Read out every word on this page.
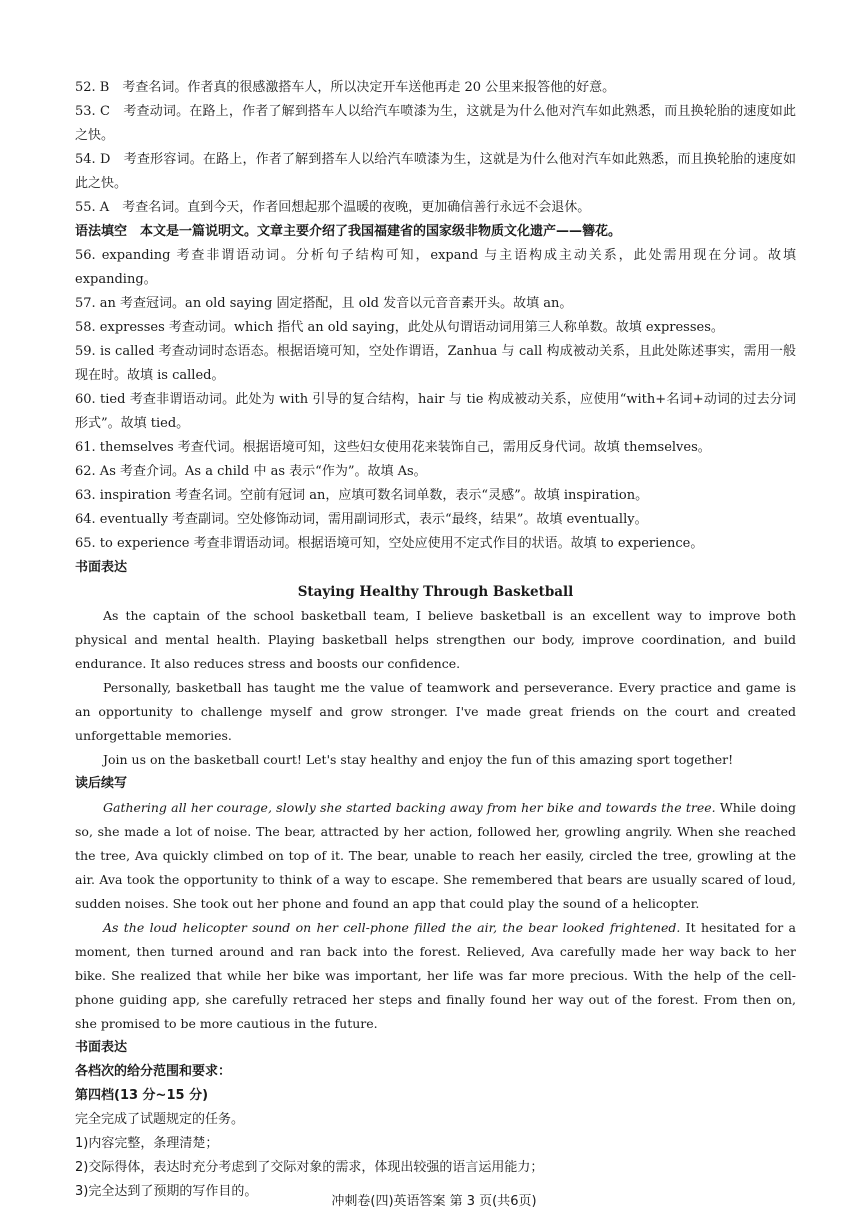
52. B　考查名词。作者真的很感激搭车人，所以决定开车送他再走 20 公里来报答他的好意。
53. C　考查动词。在路上，作者了解到搭车人以给汽车喷漆为生，这就是为什么他对汽车如此熟悉，而且换轮胎的速度如此之快。
54. D　考查形容词。在路上，作者了解到搭车人以给汽车喷漆为生，这就是为什么他对汽车如此熟悉，而且换轮胎的速度如此之快。
55. A　考查名词。直到今天，作者回想起那个温暖的夜晚，更加确信善行永远不会退休。
语法填空　本文是一篇说明文。文章主要介绍了我国福建省的国家级非物质文化遗产——簪花。
56. expanding 考查非谓语动词。分析句子结构可知，expand 与主语构成主动关系，此处需用现在分词。故填 expanding。
57. an 考查冠词。an old saying 固定搭配，且 old 发音以元音音素开头。故填 an。
58. expresses 考查动词。which 指代 an old saying，此处从句谓语动词用第三人称单数。故填 expresses。
59. is called 考查动词时态语态。根据语境可知，空处作谓语，Zanhua 与 call 构成被动关系，且此处陈述事实，需用一般现在时。故填 is called。
60. tied 考查非谓语动词。此处为 with 引导的复合结构，hair 与 tie 构成被动关系，应使用“with+名词+动词的过去分词形式”。故填 tied。
61. themselves 考查代词。根据语境可知，这些妇女使用花来装饰自己，需用反身代词。故填 themselves。
62. As 考查介词。As a child 中 as 表示“作为”。故填 As。
63. inspiration 考查名词。空前有冠词 an，应填可数名词单数，表示“灵感”。故填 inspiration。
64. eventually 考查副词。空处修饰动词，需用副词形式，表示“最终，结果”。故填 eventually。
65. to experience 考查非谓语动词。根据语境可知，空处应使用不定式作目的状语。故填 to experience。
书面表达

Staying Healthy Through Basketball

As the captain of the school basketball team, I believe basketball is an excellent way to improve both physical and mental health. Playing basketball helps strengthen our body, improve coordination, and build endurance. It also reduces stress and boosts our confidence.

Personally, basketball has taught me the value of teamwork and perseverance. Every practice and game is an opportunity to challenge myself and grow stronger. I've made great friends on the court and created unforgettable memories.

Join us on the basketball court! Let's stay healthy and enjoy the fun of this amazing sport together!

读后续写

Gathering all her courage, slowly she started backing away from her bike and towards the tree. While doing so, she made a lot of noise. The bear, attracted by her action, followed her, growling angrily. When she reached the tree, Ava quickly climbed on top of it. The bear, unable to reach her easily, circled the tree, growling at the air. Ava took the opportunity to think of a way to escape. She remembered that bears are usually scared of loud, sudden noises. She took out her phone and found an app that could play the sound of a helicopter.

As the loud helicopter sound on her cell-phone filled the air, the bear looked frightened. It hesitated for a moment, then turned around and ran back into the forest. Relieved, Ava carefully made her way back to her bike. She realized that while her bike was important, her life was far more precious. With the help of the cell-phone guiding app, she carefully retraced her steps and finally found her way out of the forest. From then on, she promised to be more cautious in the future.

书面表达
各档次的给分范围和要求：
第四档(13 分~15 分)
完全完成了试题规定的任务。
1)内容完整，条理清楚；
2)交际得体，表达时充分考虑到了交际对象的需求，体现出较强的语言运用能力；
3)完全达到了预期的写作目的。
冲刺卷(四)英语答案 第 3 页(共6页)
